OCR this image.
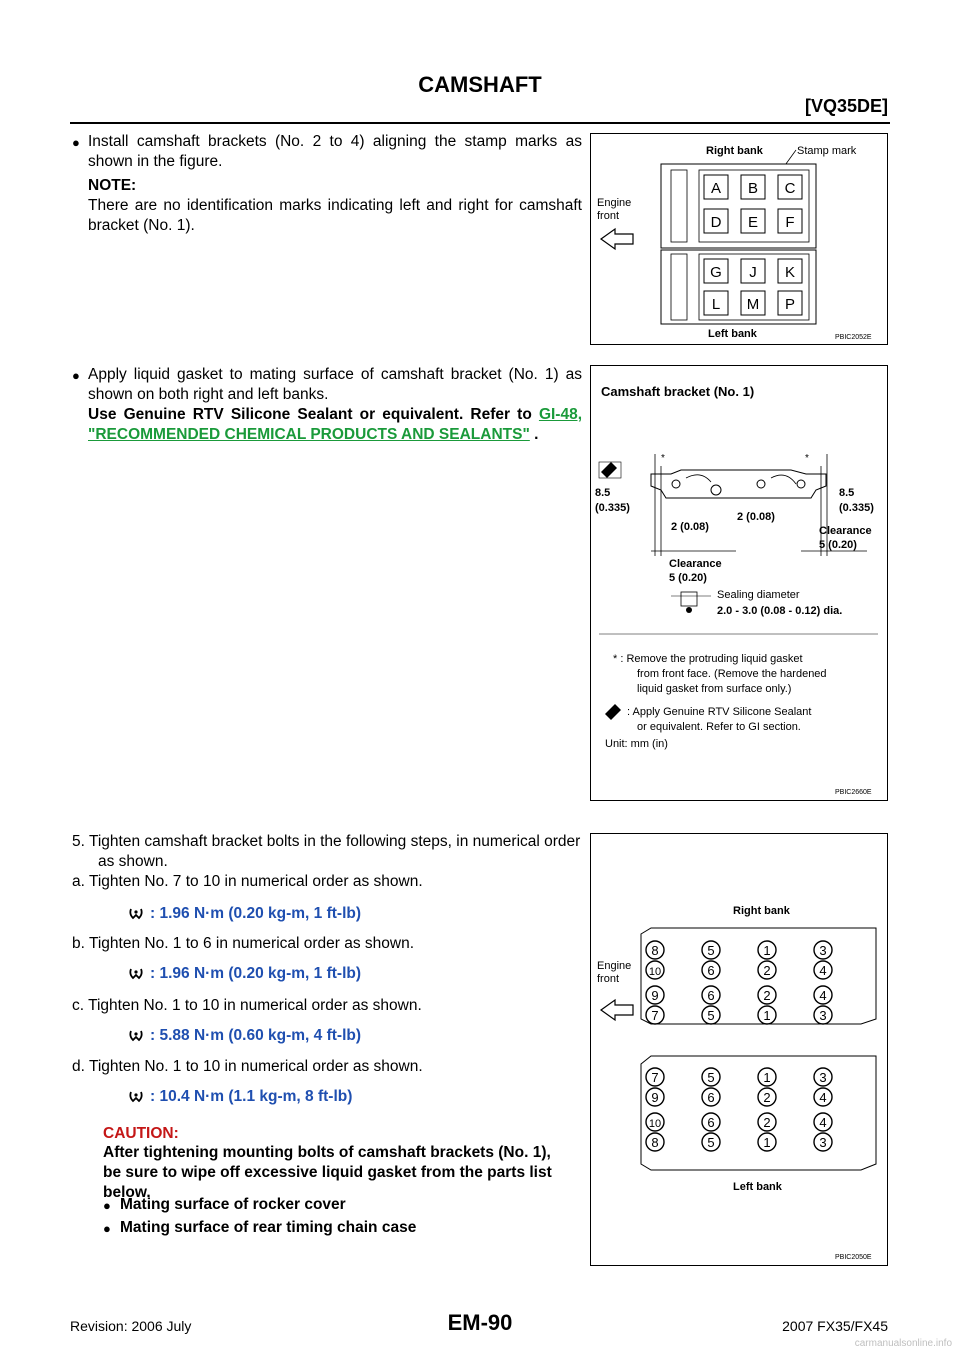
CAMSHAFT
[VQ35DE]
● Install camshaft brackets (No. 2 to 4) aligning the stamp marks as shown in the figure.
NOTE:
There are no identification marks indicating left and right for camshaft bracket (No. 1).
● Apply liquid gasket to mating surface of camshaft bracket (No. 1) as shown on both right and left banks.
Use Genuine RTV Silicone Sealant or equivalent. Refer to GI-48, "RECOMMENDED CHEMICAL PRODUCTS AND SEALANTS" .
5. Tighten camshaft bracket bolts in the following steps, in numerical order as shown.
a. Tighten No. 7 to 10 in numerical order as shown.
: 1.96 N·m (0.20 kg-m, 1 ft-lb)
b. Tighten No. 1 to 6 in numerical order as shown.
: 1.96 N·m (0.20 kg-m, 1 ft-lb)
c. Tighten No. 1 to 10 in numerical order as shown.
: 5.88 N·m (0.60 kg-m, 4 ft-lb)
d. Tighten No. 1 to 10 in numerical order as shown.
: 10.4 N·m (1.1 kg-m, 8 ft-lb)
CAUTION:
After tightening mounting bolts of camshaft brackets (No. 1), be sure to wipe off excessive liquid gasket from the parts list below.
● Mating surface of rocker cover
● Mating surface of rear timing chain case
Right bank	Stamp mark
Engine
front
A B C
D E F
G J K
L M P
Left bank	PBIC2052E
Camshaft bracket (No. 1)
*	*
8.5
(0.335)
8.5
(0.335)
2 (0.08)
2 (0.08)
Clearance
5 (0.20)
Clearance
5 (0.20)
Sealing diameter
2.0 - 3.0 (0.08 - 0.12) dia.
* : Remove the protruding liquid gasket
from front face. (Remove the hardened
liquid gasket from surface only.)
: Apply Genuine RTV Silicone Sealant
or equivalent. Refer to GI section.
Unit: mm (in)
PBIC2660E
Right bank
Engine
front
8	5	1	3
10	6	2	4
9	6	2	4
7	5	1	3
7	5	1	3
9	6	2	4
10	6	2	4
8	5	1	3
Left bank
PBIC2050E
Revision: 2006 July	EM-90	2007 FX35/FX45
carmanualsonline.info
